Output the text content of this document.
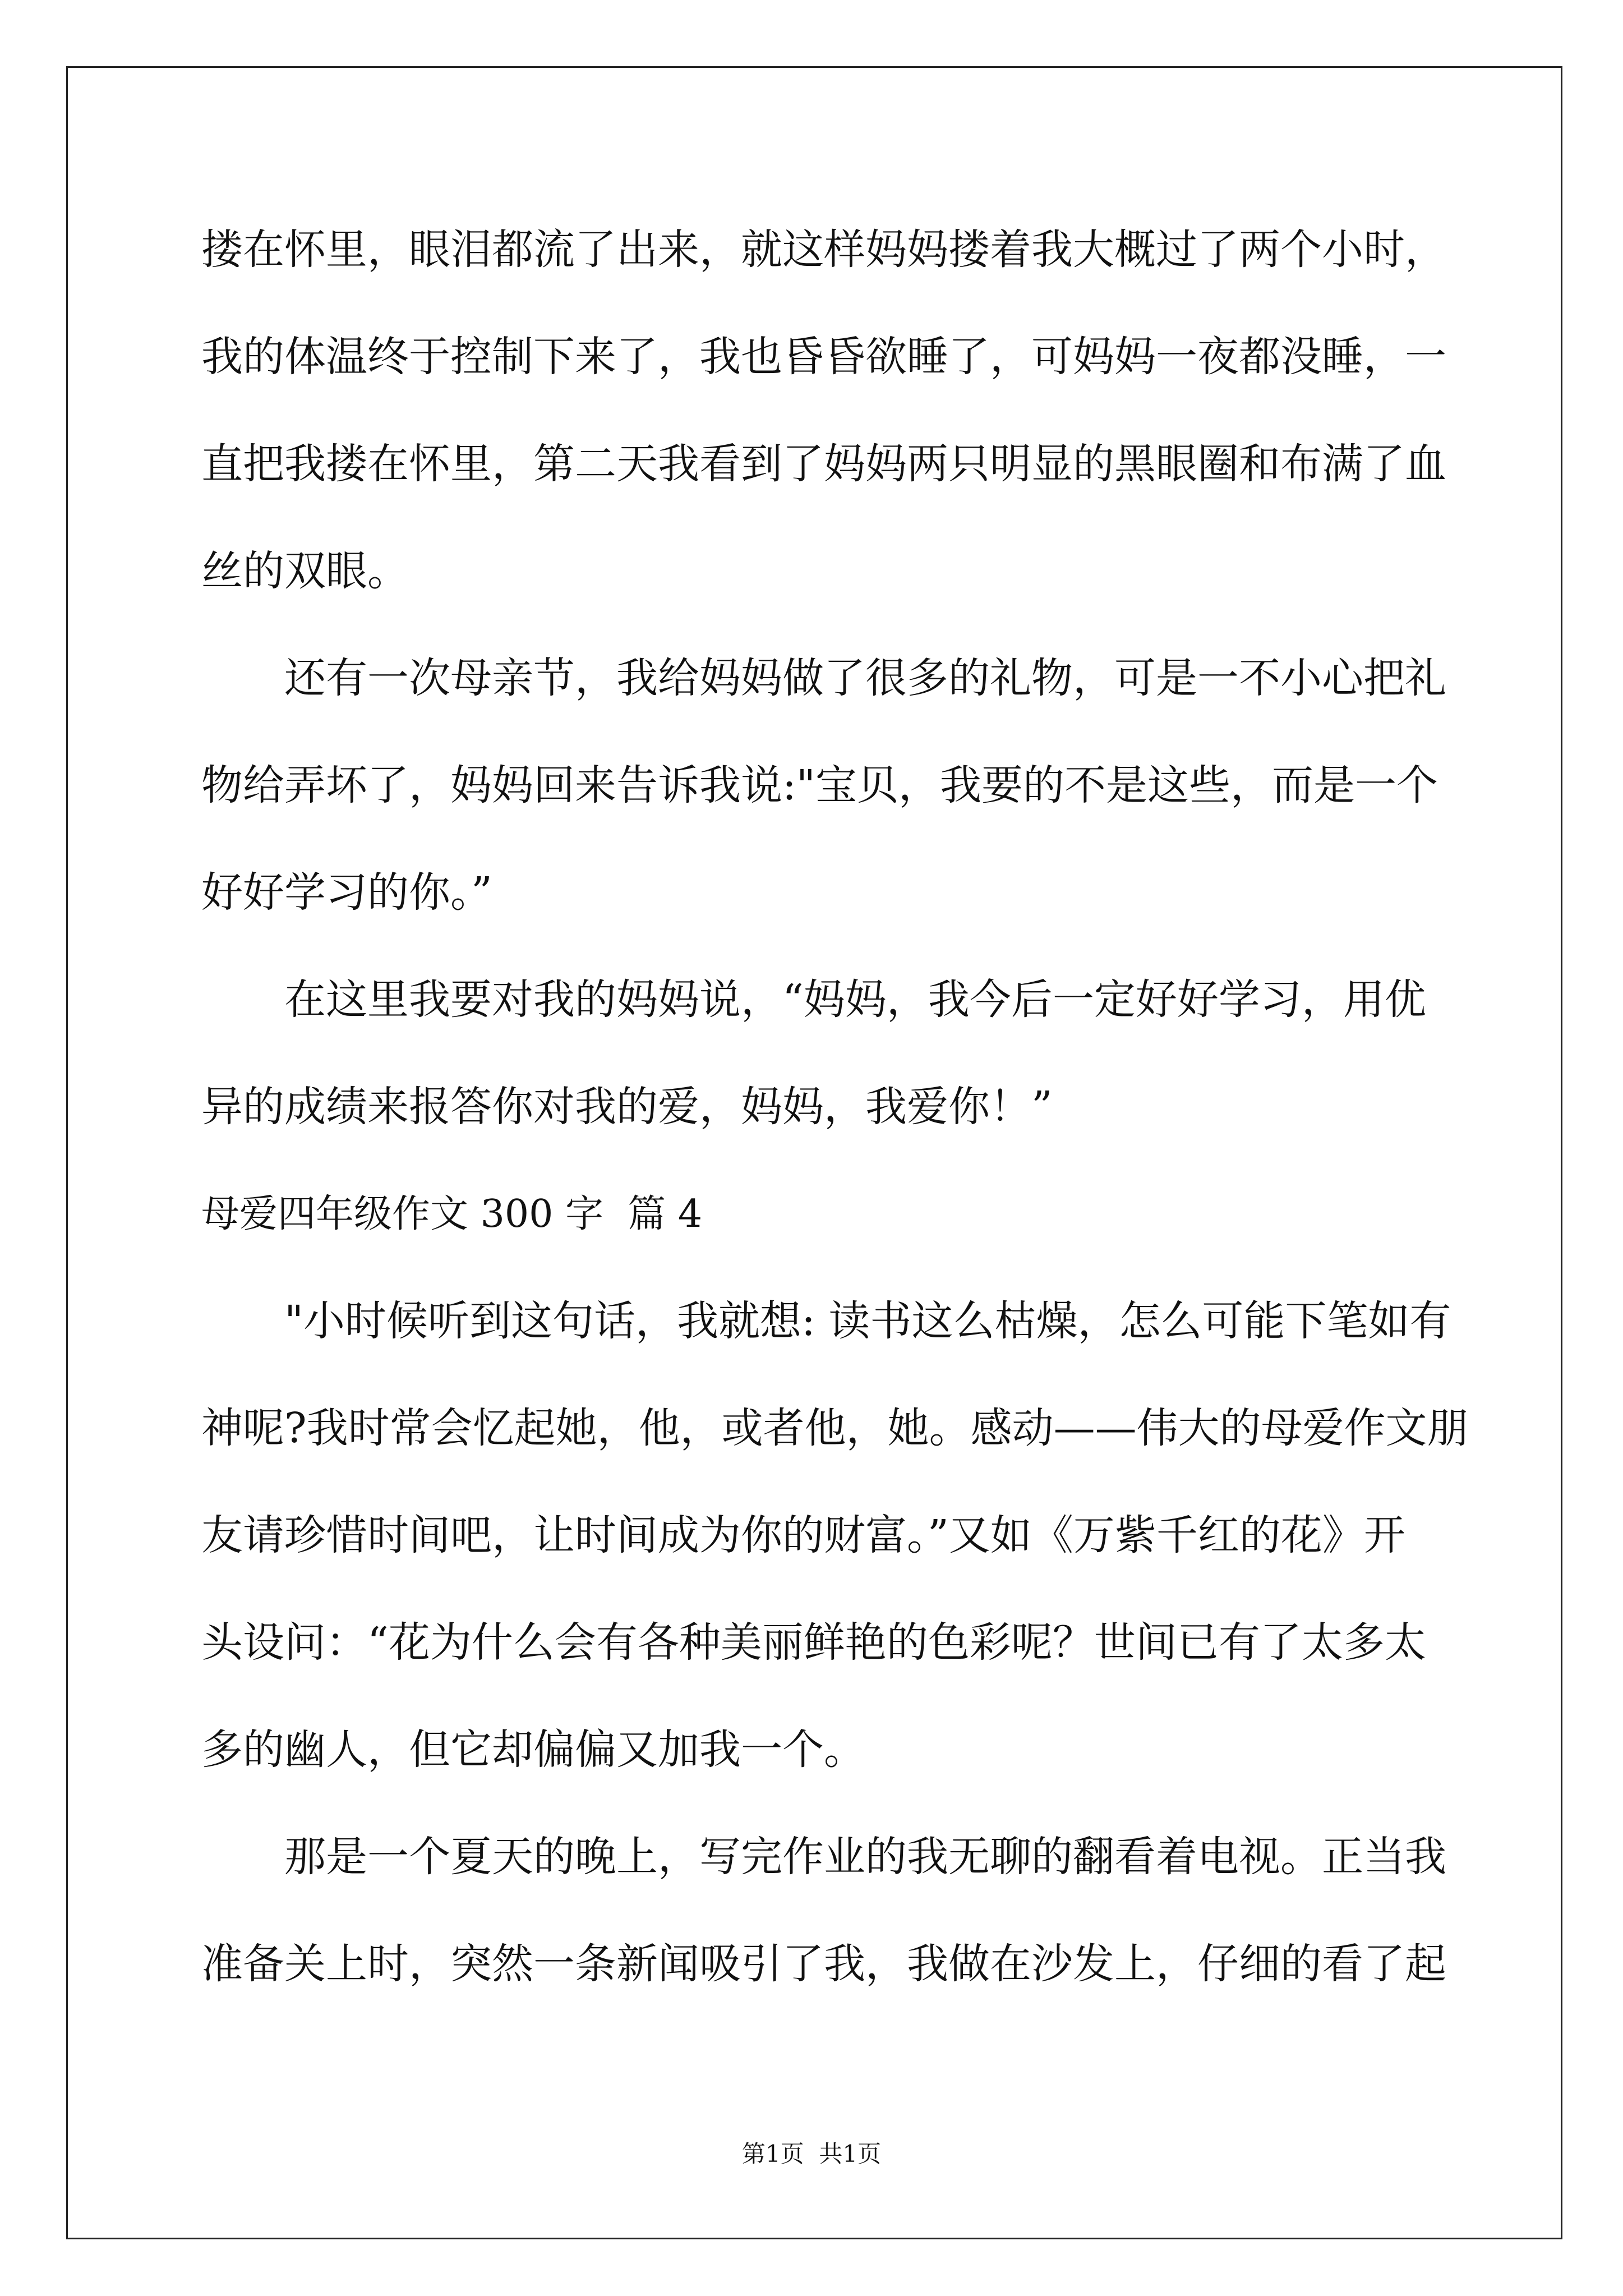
搂在怀里，眼泪都流了出来，就这样妈妈搂着我大概过了两个小时，
我的体温终于控制下来了，我也昏昏欲睡了，可妈妈一夜都没睡，一
直把我搂在怀里，第二天我看到了妈妈两只明显的黑眼圈和布满了血
丝的双眼。
还有一次母亲节，我给妈妈做了很多的礼物，可是一不小心把礼
物给弄坏了，妈妈回来告诉我说:"宝贝，我要的不是这些，而是一个
好好学习的你。”
在这里我要对我的妈妈说，“妈妈，我今后一定好好学习，用优
异的成绩来报答你对我的爱，妈妈，我爱你！”
母爱四年级作文 300 字  篇 4
"小时候听到这句话，我就想: 读书这么枯燥，怎么可能下笔如有
神呢?我时常会忆起她，他，或者他，她。感动——伟大的母爱作文朋
友请珍惜时间吧，让时间成为你的财富。”又如《万紫千红的花》开
头设问：“花为什么会有各种美丽鲜艳的色彩呢？世间已有了太多太
多的幽人，但它却偏偏又加我一个。
那是一个夏天的晚上，写完作业的我无聊的翻看着电视。正当我
准备关上时，突然一条新闻吸引了我，我做在沙发上，仔细的看了起
第1页  共1页
